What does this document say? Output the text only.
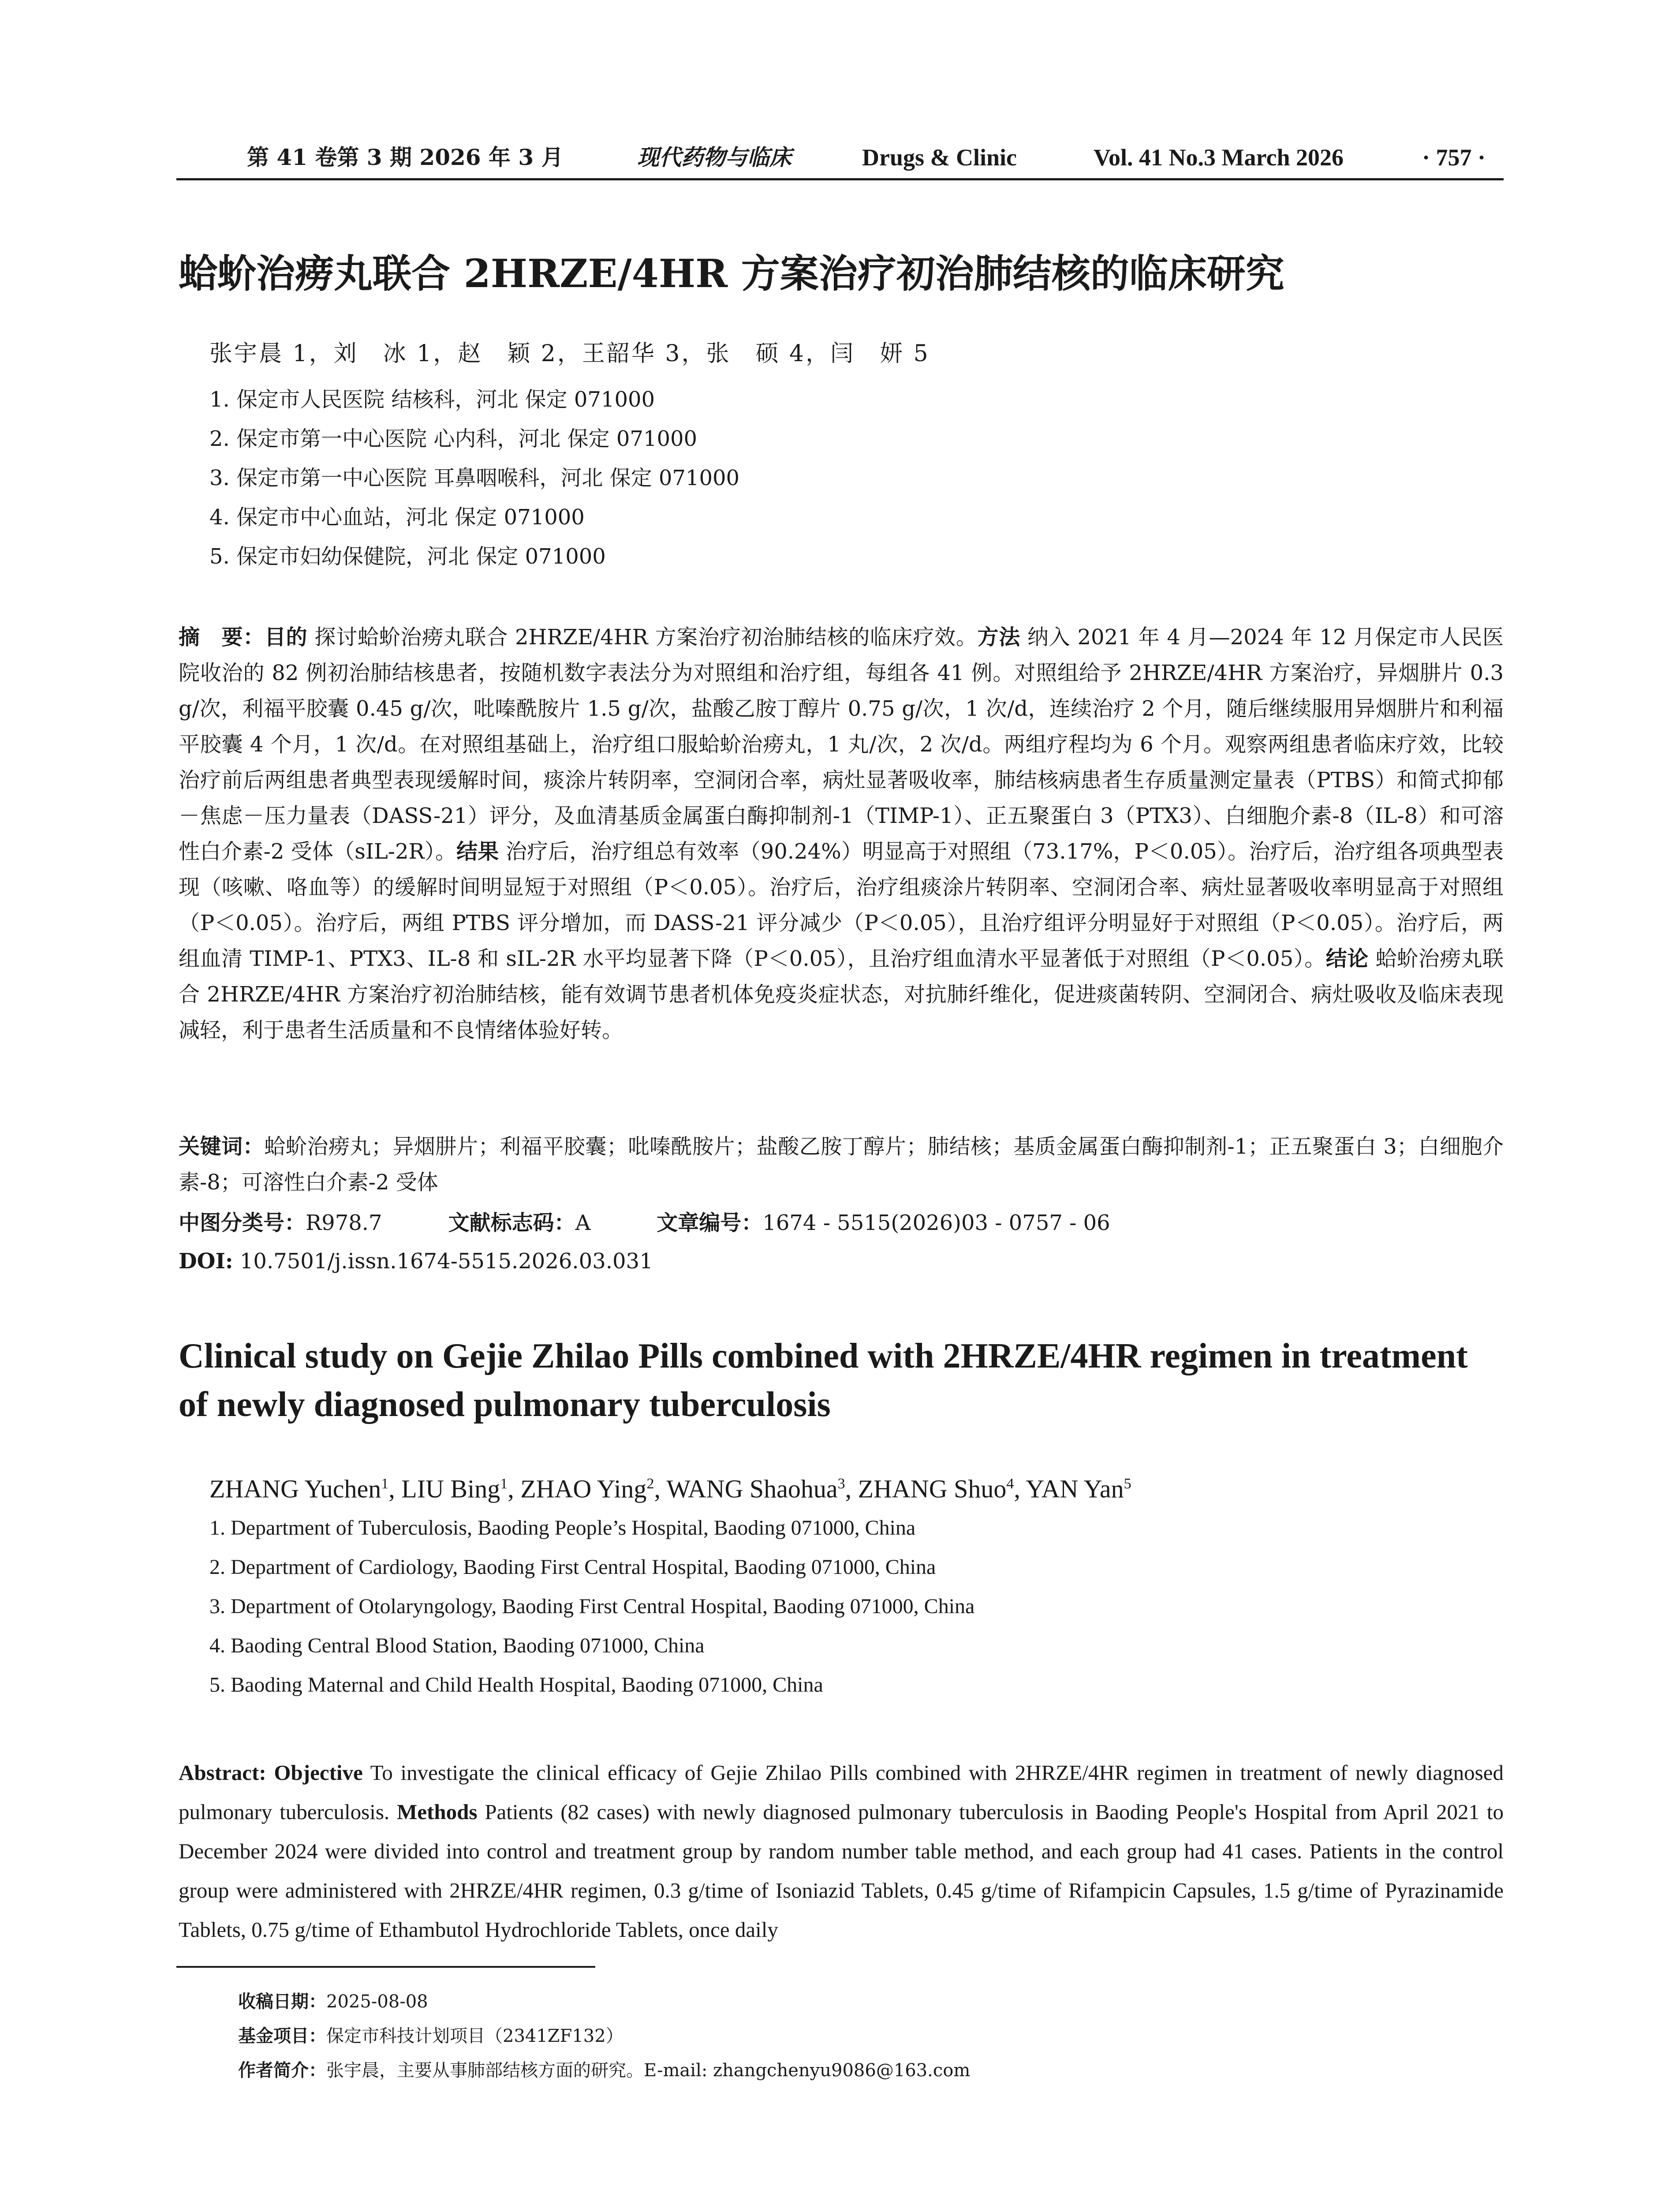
第 41 卷第 3 期 2026 年 3 月	现代药物与临床	Drugs & Clinic	Vol. 41 No.3 March 2026	· 757 ·
蛤蚧治痨丸联合 2HRZE/4HR 方案治疗初治肺结核的临床研究
张宇晨 1，刘　冰 1，赵　颖 2，王韶华 3，张　硕 4，闫　妍 5
1. 保定市人民医院 结核科，河北 保定 071000
2. 保定市第一中心医院 心内科，河北 保定 071000
3. 保定市第一中心医院 耳鼻咽喉科，河北 保定 071000
4. 保定市中心血站，河北 保定 071000
5. 保定市妇幼保健院，河北 保定 071000
摘　要：目的 探讨蛤蚧治痨丸联合 2HRZE/4HR 方案治疗初治肺结核的临床疗效。方法 纳入 2021 年 4 月—2024 年 12 月保定市人民医院收治的 82 例初治肺结核患者，按随机数字表法分为对照组和治疗组，每组各 41 例。对照组给予 2HRZE/4HR 方案治疗，异烟肼片 0.3 g/次，利福平胶囊 0.45 g/次，吡嗪酰胺片 1.5 g/次，盐酸乙胺丁醇片 0.75 g/次，1 次/d，连续治疗 2 个月，随后继续服用异烟肼片和利福平胶囊 4 个月，1 次/d。在对照组基础上，治疗组口服蛤蚧治痨丸，1 丸/次，2 次/d。两组疗程均为 6 个月。观察两组患者临床疗效，比较治疗前后两组患者典型表现缓解时间，痰涂片转阴率，空洞闭合率，病灶显著吸收率，肺结核病患者生存质量测定量表（PTBS）和简式抑郁－焦虑－压力量表（DASS-21）评分，及血清基质金属蛋白酶抑制剂-1（TIMP-1）、正五聚蛋白 3（PTX3）、白细胞介素-8（IL-8）和可溶性白介素-2 受体（sIL-2R）。结果 治疗后，治疗组总有效率（90.24%）明显高于对照组（73.17%，P＜0.05）。治疗后，治疗组各项典型表现（咳嗽、咯血等）的缓解时间明显短于对照组（P＜0.05）。治疗后，治疗组痰涂片转阴率、空洞闭合率、病灶显著吸收率明显高于对照组（P＜0.05）。治疗后，两组 PTBS 评分增加，而 DASS-21 评分减少（P＜0.05），且治疗组评分明显好于对照组（P＜0.05）。治疗后，两组血清 TIMP-1、PTX3、IL-8 和 sIL-2R 水平均显著下降（P＜0.05），且治疗组血清水平显著低于对照组（P＜0.05）。结论 蛤蚧治痨丸联合 2HRZE/4HR 方案治疗初治肺结核，能有效调节患者机体免疫炎症状态，对抗肺纤维化，促进痰菌转阴、空洞闭合、病灶吸收及临床表现减轻，利于患者生活质量和不良情绪体验好转。
关键词：蛤蚧治痨丸；异烟肼片；利福平胶囊；吡嗪酰胺片；盐酸乙胺丁醇片；肺结核；基质金属蛋白酶抑制剂-1；正五聚蛋白 3；白细胞介素-8；可溶性白介素-2 受体
中图分类号：R978.7	文献标志码：A	文章编号：1674 - 5515(2026)03 - 0757 - 06
DOI: 10.7501/j.issn.1674-5515.2026.03.031
Clinical study on Gejie Zhilao Pills combined with 2HRZE/4HR regimen in treatment of newly diagnosed pulmonary tuberculosis
ZHANG Yuchen$^1$, LIU Bing$^1$, ZHAO Ying$^2$, WANG Shaohua$^3$, ZHANG Shuo$^4$, YAN Yan$^5$
1. Department of Tuberculosis, Baoding People’s Hospital, Baoding 071000, China
2. Department of Cardiology, Baoding First Central Hospital, Baoding 071000, China
3. Department of Otolaryngology, Baoding First Central Hospital, Baoding 071000, China
4. Baoding Central Blood Station, Baoding 071000, China
5. Baoding Maternal and Child Health Hospital, Baoding 071000, China
Abstract: Objective To investigate the clinical efficacy of Gejie Zhilao Pills combined with 2HRZE/4HR regimen in treatment of newly diagnosed pulmonary tuberculosis. Methods Patients (82 cases) with newly diagnosed pulmonary tuberculosis in Baoding People's Hospital from April 2021 to December 2024 were divided into control and treatment group by random number table method, and each group had 41 cases. Patients in the control group were administered with 2HRZE/4HR regimen, 0.3 g/time of Isoniazid Tablets, 0.45 g/time of Rifampicin Capsules, 1.5 g/time of Pyrazinamide Tablets, 0.75 g/time of Ethambutol Hydrochloride Tablets, once daily
收稿日期：2025-08-08
基金项目：保定市科技计划项目（2341ZF132）
作者简介：张宇晨，主要从事肺部结核方面的研究。E-mail: zhangchenyu9086@163.com
